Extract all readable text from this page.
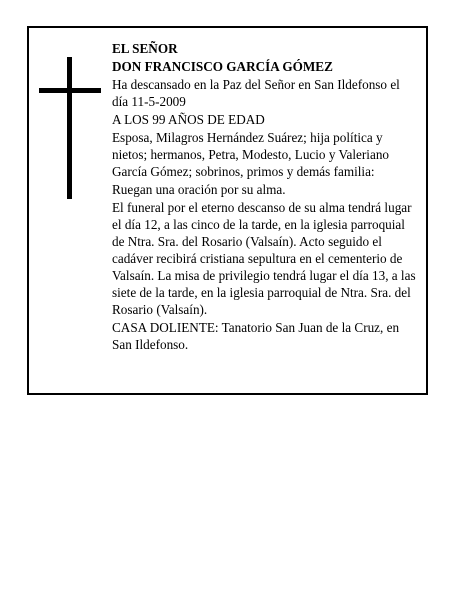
EL SEÑOR

DON FRANCISCO GARCÍA GÓMEZ

Ha descansado en la Paz del Señor en San Ildefonso el día 11-5-2009

A LOS 99 AÑOS DE EDAD

Esposa, Milagros Hernández Suárez; hija política y nietos; hermanos, Petra, Modesto, Lucio y Valeriano García Gómez; sobrinos, primos y demás familia:

Ruegan una oración por su alma.

El funeral por el eterno descanso de su alma tendrá lugar el día 12, a las cinco de la tarde, en la iglesia parroquial de Ntra. Sra. del Rosario (Valsaín). Acto seguido el cadáver recibirá cristiana sepultura en el cementerio de Valsaín. La misa de privilegio tendrá lugar el día 13, a las siete de la tarde, en la iglesia parroquial de Ntra. Sra. del Rosario (Valsaín).

CASA DOLIENTE: Tanatorio San Juan de la Cruz, en San Ildefonso.
